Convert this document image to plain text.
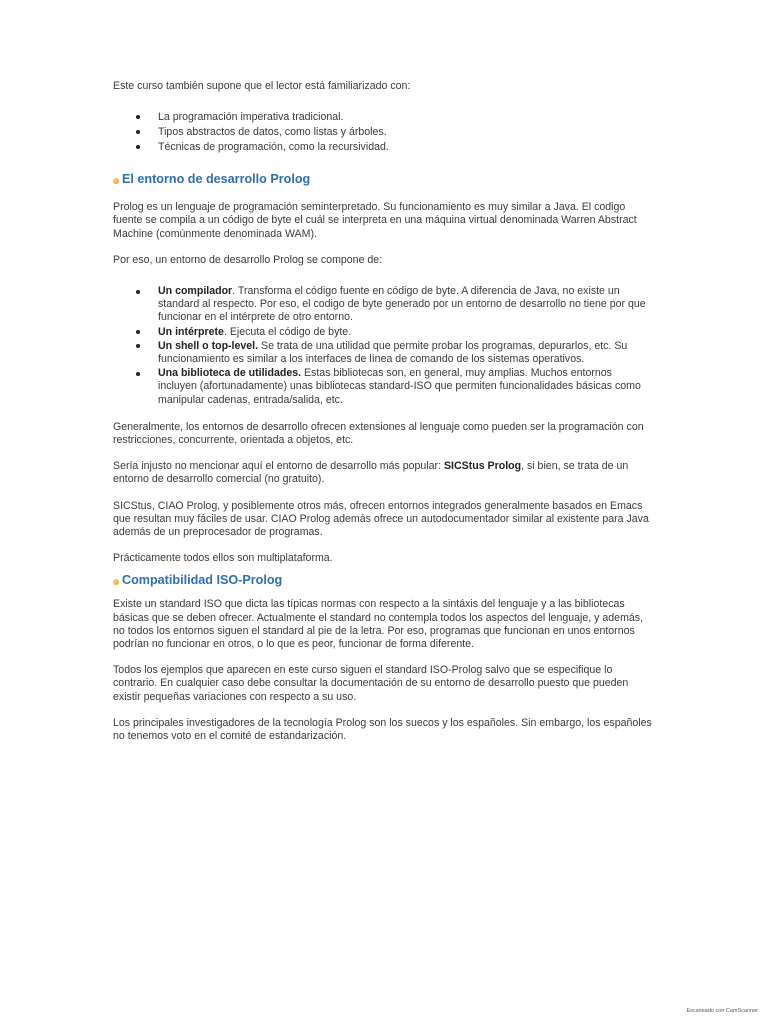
Este curso también supone que el lector está familiarizado con:

La programación imperativa tradicional.
Tipos abstractos de datos, como listas y árboles.
Técnicas de programación, como la recursividad.
El entorno de desarrollo Prolog

Prolog es un lenguaje de programación seminterpretado. Su funcionamiento es muy similar a Java. El codigo fuente se compila a un código de byte el cuál se interpreta en una máquina virtual denominada Warren Abstract Machine (comúnmente denominada WAM).

Por eso, un entorno de desarrollo Prolog se compone de:

Un compilador. Transforma el código fuente en código de byte. A diferencia de Java, no existe un standard al respecto. Por eso, el codigo de byte generado por un entorno de desarrollo no tiene por que funcionar en el intérprete de otro entorno.
Un intérprete. Ejecuta el código de byte.
Un shell o top-level. Se trata de una utilidad que permite probar los programas, depurarlos, etc. Su funcionamiento es similar a los interfaces de línea de comando de los sistemas operativos.
Una biblioteca de utilidades. Estas bibliotecas son, en general, muy amplias. Muchos entornos incluyen (afortunadamente) unas bibliotecas standard-ISO que permiten funcionalidades básicas como manipular cadenas, entrada/salida, etc.

Generalmente, los entornos de desarrollo ofrecen extensiones al lenguaje como pueden ser la programación con restricciones, concurrente, orientada a objetos, etc.

Sería injusto no mencionar aquí el entorno de desarrollo más popular: SICStus Prolog, si bien, se trata de un entorno de desarrollo comercial (no gratuito).

SICStus, CIAO Prolog, y posiblemente otros más, ofrecen entornos integrados generalmente basados en Emacs que resultan muy fáciles de usar. CIAO Prolog además ofrece un autodocumentador similar al existente para Java además de un preprocesador de programas.

Prácticamente todos ellos son multiplataforma.

Compatibilidad ISO-Prolog

Existe un standard ISO que dicta las típicas normas con respecto a la sintáxis del lenguaje y a las bibliotecas básicas que se deben ofrecer. Actualmente el standard no contempla todos los aspectos del lenguaje, y además, no todos los entornos siguen el standard al pie de la letra. Por eso, programas que funcionan en unos entornos podrían no funcionar en otros, o lo que es peor, funcionar de forma diferente.

Todos los ejemplos que aparecen en este curso siguen el standard ISO-Prolog salvo que se especifique lo contrario. En cualquier caso debe consultar la documentación de su entorno de desarrollo puesto que pueden existir pequeñas variaciones con respecto a su uso.

Los principales investigadores de la tecnología Prolog son los suecos y los españoles. Sin embargo, los españoles no tenemos voto en el comité de estandarización.

Escaneado con CamScanner
